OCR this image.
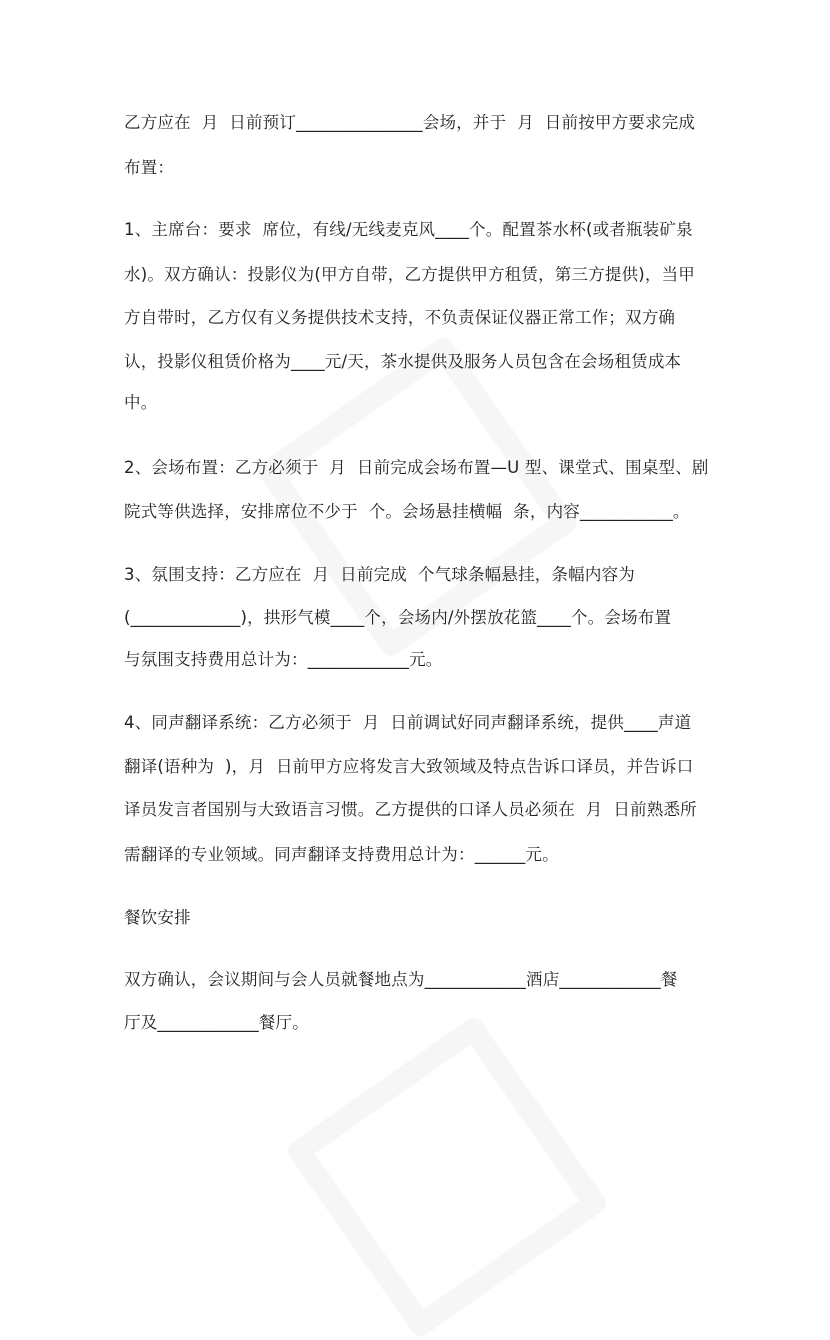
乙方应在  月  日前预订_______________会场，并于  月  日前按甲方要求完成
布置：
1、主席台：要求  席位，有线/无线麦克风____个。配置茶水杯(或者瓶装矿泉
水)。双方确认：投影仪为(甲方自带，乙方提供甲方租赁，第三方提供)，当甲
方自带时，乙方仅有义务提供技术支持，不负责保证仪器正常工作；双方确
认，投影仪租赁价格为____元/天，茶水提供及服务人员包含在会场租赁成本
中。
2、会场布置：乙方必须于  月  日前完成会场布置—U 型、课堂式、围桌型、剧
院式等供选择，安排席位不少于  个。会场悬挂横幅  条，内容___________。
3、氛围支持：乙方应在  月  日前完成  个气球条幅悬挂，条幅内容为
(_____________)，拱形气模____个，会场内/外摆放花篮____个。会场布置
与氛围支持费用总计为：____________元。
4、同声翻译系统：乙方必须于  月  日前调试好同声翻译系统，提供____声道
翻译(语种为  )，月  日前甲方应将发言大致领域及特点告诉口译员，并告诉口
译员发言者国别与大致语言习惯。乙方提供的口译人员必须在  月  日前熟悉所
需翻译的专业领域。同声翻译支持费用总计为：______元。
餐饮安排
双方确认，会议期间与会人员就餐地点为____________酒店____________餐
厅及____________餐厅。
